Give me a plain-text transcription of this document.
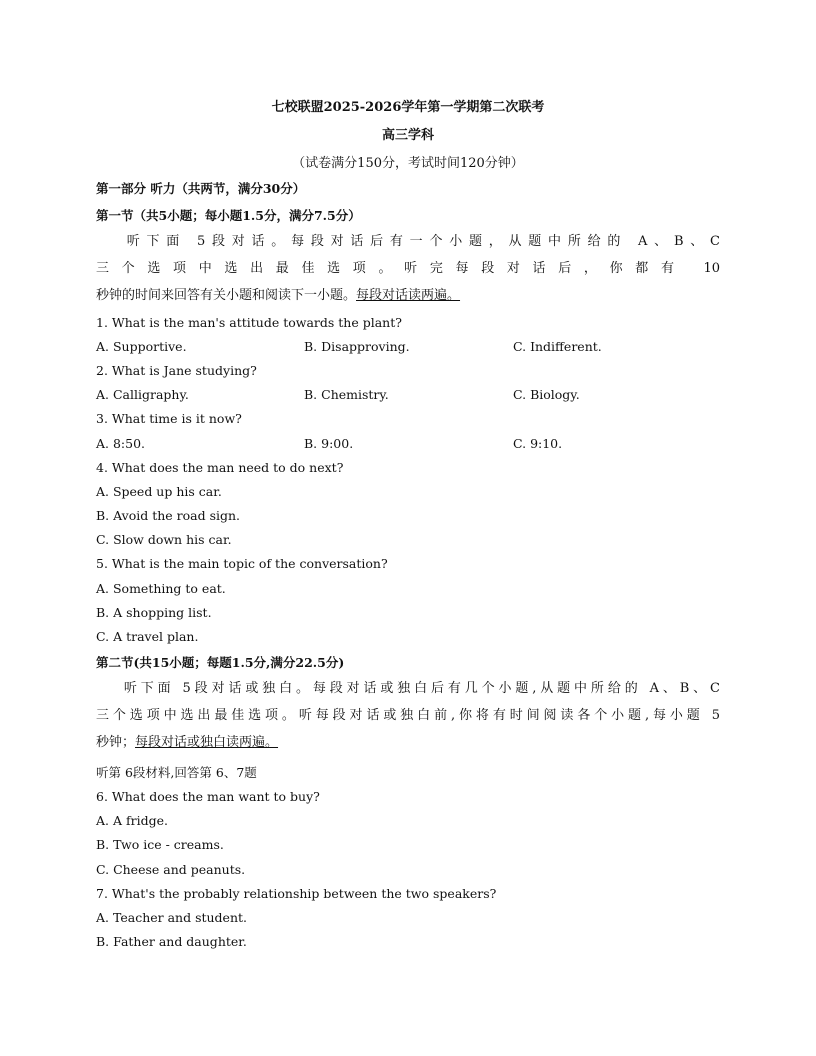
七校联盟2025-2026学年第一学期第二次联考
高三学科
（试卷满分150分，考试时间120分钟）
第一部分 听力（共两节，满分30分）
第一节（共5小题；每小题1.5分，满分7.5分）
听下面 5段对话。每段对话后有一个小题，从题中所给的 A、B、C
三个选项中选出最佳选项。听完每段对话后，你都有 10
秒钟的时间来回答有关小题和阅读下一小题。每段对话读两遍。
1. What is the man's attitude towards the plant?
A. Supportive.	B. Disapproving.	C. Indifferent.
2. What is Jane studying?
A. Calligraphy.	B. Chemistry.	C. Biology.
3. What time is it now?
A. 8:50.	B. 9:00.	C. 9:10.
4. What does the man need to do next?
A. Speed up his car.
B. Avoid the road sign.
C. Slow down his car.
5. What is the main topic of the conversation?
A. Something to eat.
B. A shopping list.
C. A travel plan.
第二节(共15小题；每题1.5分,满分22.5分)
听下面 5段对话或独白。每段对话或独白后有几个小题,从题中所给的 A、B、C
三个选项中选出最佳选项。听每段对话或独白前,你将有时间阅读各个小题,每小题 5
秒钟；每段对话或独白读两遍。
听第 6段材料,回答第 6、7题
6. What does the man want to buy?
A. A fridge.
B. Two ice - creams.
C. Cheese and peanuts.
7. What's the probably relationship between the two speakers?
A. Teacher and student.
B. Father and daughter.
